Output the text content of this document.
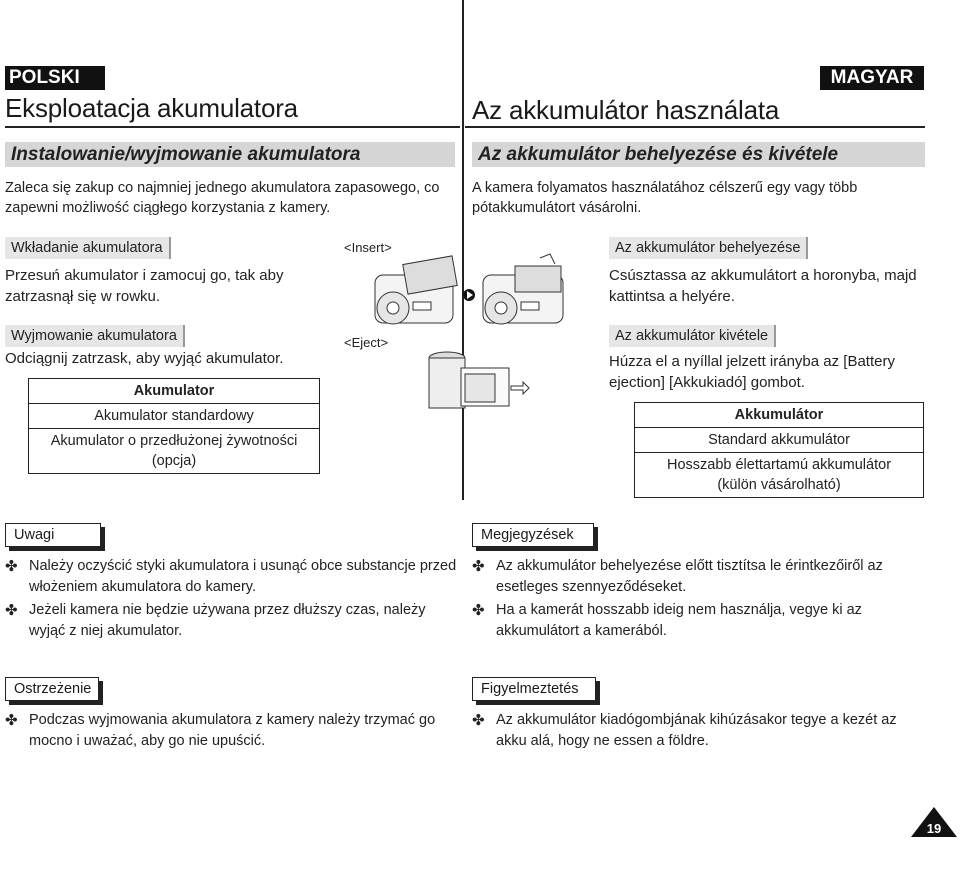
POLSKI
Eksploatacja akumulatora
Instalowanie/wyjmowanie akumulatora
Zaleca się zakup co najmniej jednego akumulatora zapasowego, co
zapewni możliwość ciągłego korzystania z kamery.
Wkładanie akumulatora
Przesuń akumulator i zamocuj go, tak aby
zatrzasnął się w rowku.
Wyjmowanie akumulatora
Odciągnij zatrzask, aby wyjąć akumulator.
Akumulator
Akumulator standardowy

Akumulator o przedłużonej żywotności
(opcja)
<Insert>
<Eject>
MAGYAR
Az akkumulátor használata
Az akkumulátor behelyezése és kivétele
A kamera folyamatos használatához célszerű egy vagy több
pótakkumulátort vásárolni.
Az akkumulátor behelyezése
Csúsztassa az akkumulátort a horonyba, majd
kattintsa a helyére.
Az akkumulátor kivétele
Húzza el a nyíllal jelzett irányba az [Battery
ejection] [Akkukiadó] gombot.
Akkumulátor
Standard akkumulátor

Hosszabb élettartamú akkumulátor
(külön vásárolható)
Uwagi
✤ Należy oczyścić styki akumulatora i usunąć obce substancje przed
włożeniem akumulatora do kamery.
✤ Jeżeli kamera nie będzie używana przez dłuższy czas, należy
wyjąć z niej akumulator.
Megjegyzések
✤ Az akkumulátor behelyezése előtt tisztítsa le érintkezőiről az
esetleges szennyeződéseket.
✤ Ha a kamerát hosszabb ideig nem használja, vegye ki az
akkumulátort a kamerából.
Ostrzeżenie
✤ Podczas wyjmowania akumulatora z kamery należy trzymać go
mocno i uważać, aby go nie upuścić.
Figyelmeztetés
✤ Az akkumulátor kiadógombjának kihúzásakor tegye a kezét az
akku alá, hogy ne essen a földre.
19
